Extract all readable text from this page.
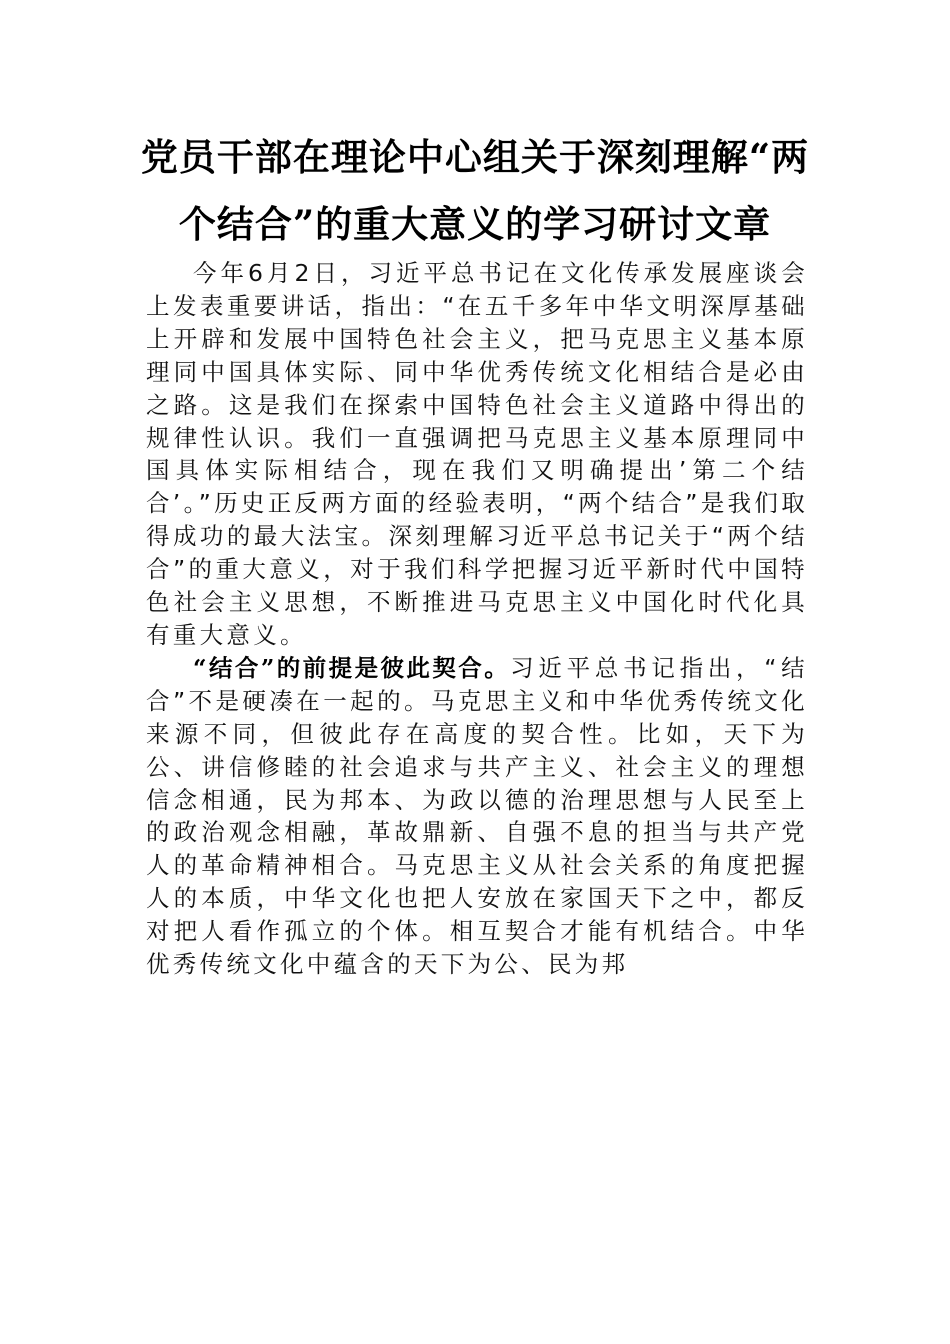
党员干部在理论中心组关于深刻理解“两个结合”的重大意义的学习研讨文章

今年6月2日，习近平总书记在文化传承发展座谈会上发表重要讲话，指出：“在五千多年中华文明深厚基础上开辟和发展中国特色社会主义，把马克思主义基本原理同中国具体实际、同中华优秀传统文化相结合是必由之路。这是我们在探索中国特色社会主义道路中得出的规律性认识。我们一直强调把马克思主义基本原理同中国具体实际相结合，现在我们又明确提出’第二个结合’。”历史正反两方面的经验表明，“两个结合”是我们取得成功的最大法宝。深刻理解习近平总书记关于“两个结合”的重大意义，对于我们科学把握习近平新时代中国特色社会主义思想，不断推进马克思主义中国化时代化具有重大意义。

“结合”的前提是彼此契合。习近平总书记指出，“结合”不是硬凑在一起的。马克思主义和中华优秀传统文化来源不同，但彼此存在高度的契合性。比如，天下为公、讲信修睦的社会追求与共产主义、社会主义的理想信念相通，民为邦本、为政以德的治理思想与人民至上的政治观念相融，革故鼎新、自强不息的担当与共产党人的革命精神相合。马克思主义从社会关系的角度把握人的本质，中华文化也把人安放在家国天下之中，都反对把人看作孤立的个体。相互契合才能有机结合。中华优秀传统文化中蕴含的天下为公、民为邦
